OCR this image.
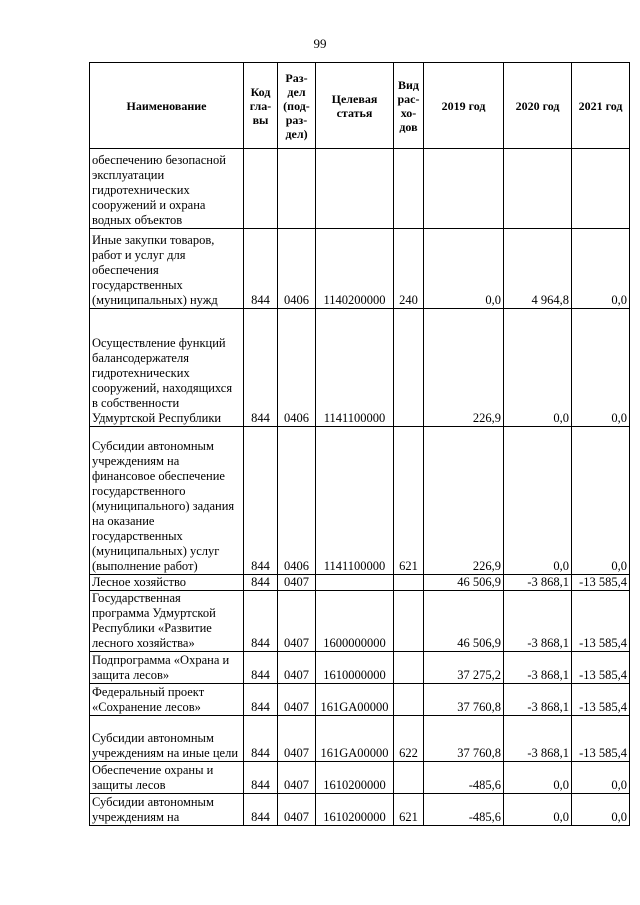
99
Наименование	Код гла-вы	Раз-дел (под-раз-дел)	Целевая статья	Вид рас-хо-дов	2019 год	2020 год	2021 год
обеспечению безопасной эксплуатации гидротехнических сооружений и охрана водных объектов							
Иные закупки товаров, работ и услуг для обеспечения государственных (муниципальных) нужд	844	0406	1140200000	240	0,0	4 964,8	0,0
Осуществление функций балансодержателя гидротехнических сооружений, находящихся в собственности Удмуртской Республики	844	0406	1141100000		226,9	0,0	0,0
Субсидии автономным учреждениям на финансовое обеспечение государственного (муниципального) задания на оказание государственных (муниципальных) услуг (выполнение работ)	844	0406	1141100000	621	226,9	0,0	0,0
Лесное хозяйство	844	0407			46 506,9	-3 868,1	-13 585,4
Государственная программа Удмуртской Республики «Развитие лесного хозяйства»	844	0407	1600000000		46 506,9	-3 868,1	-13 585,4
Подпрограмма «Охрана и защита лесов»	844	0407	1610000000		37 275,2	-3 868,1	-13 585,4
Федеральный проект «Сохранение лесов»	844	0407	161GA00000		37 760,8	-3 868,1	-13 585,4
Субсидии автономным учреждениям на иные цели	844	0407	161GA00000	622	37 760,8	-3 868,1	-13 585,4
Обеспечение охраны и защиты лесов	844	0407	1610200000		-485,6	0,0	0,0
Субсидии автономным учреждениям на	844	0407	1610200000	621	-485,6	0,0	0,0
